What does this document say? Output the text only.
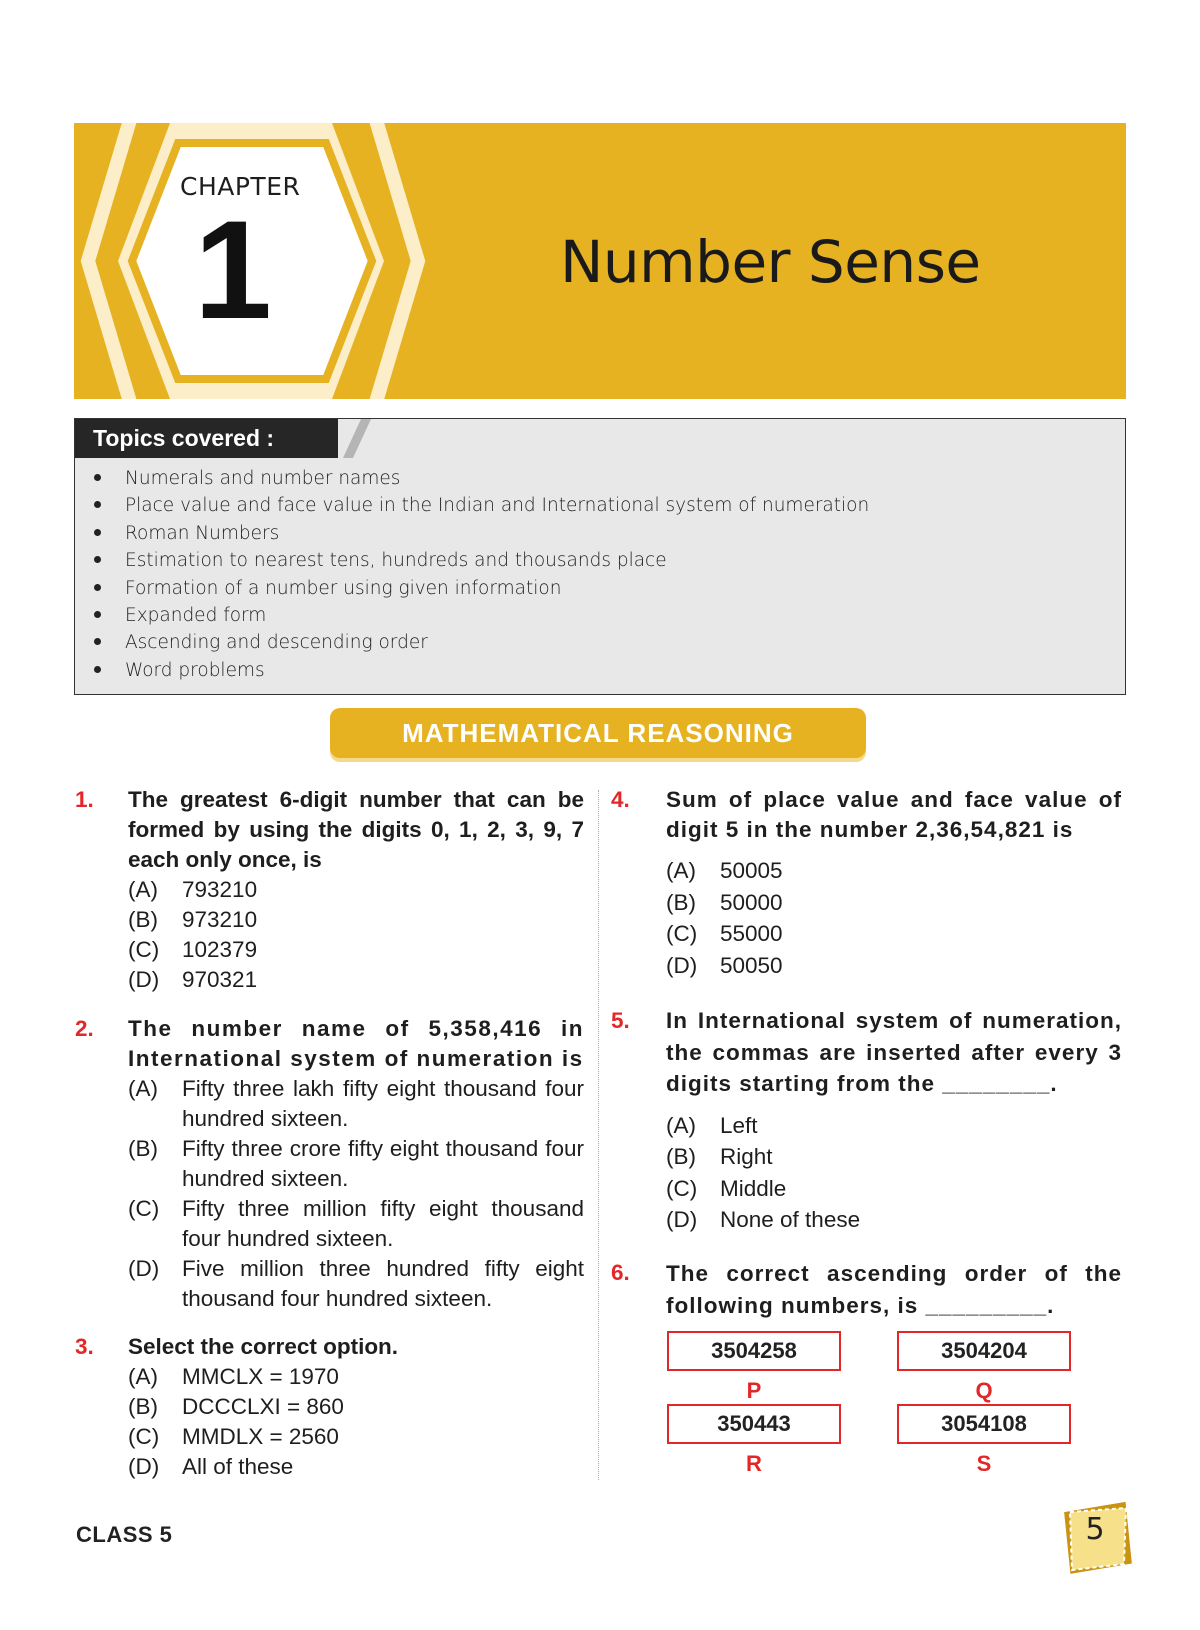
CHAPTER
1	Number Sense
Topics covered :
Numerals and number names
Place value and face value in the Indian and International system of numeration
Roman Numbers
Estimation to nearest tens, hundreds and thousands place
Formation of a number using given information
Expanded form
Ascending and descending order
Word problems
MATHEMATICAL REASONING
1. The greatest 6-digit number that can be formed by using the digits 0, 1, 2, 3, 9, 7 each only once, is
(A) 793210
(B) 973210
(C) 102379
(D) 970321
2. The number name of 5,358,416 in International system of numeration is
(A) Fifty three lakh fifty eight thousand four hundred sixteen.
(B) Fifty three crore fifty eight thousand four hundred sixteen.
(C) Fifty three million fifty eight thousand four hundred sixteen.
(D) Five million three hundred fifty eight thousand four hundred sixteen.
3. Select the correct option.
(A) MMCLX = 1970
(B) DCCCLXI = 860
(C) MMDLX = 2560
(D) All of these
4. Sum of place value and face value of digit 5 in the number 2,36,54,821 is
(A) 50005
(B) 50000
(C) 55000
(D) 50050
5. In International system of numeration, the commas are inserted after every 3 digits starting from the ________.
(A) Left
(B) Right
(C) Middle
(D) None of these
6. The correct ascending order of the following numbers, is _________.
3504258	3504204
P	Q
350443	3054108
R	S
CLASS 5	5
